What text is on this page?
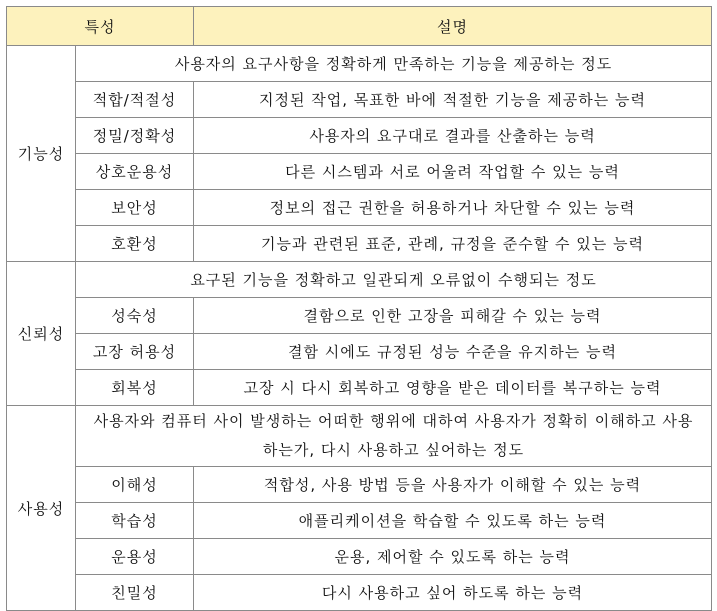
특성		설명
기능성	사용자의 요구사항을 정확하게 만족하는 기능을 제공하는 정도	
	적합/적절성	지정된 작업, 목표한 바에 적절한 기능을 제공하는 능력
	정밀/정확성	사용자의 요구대로 결과를 산출하는 능력
	상호운용성	다른 시스템과 서로 어울려 작업할 수 있는 능력
	보안성	정보의 접근 권한을 허용하거나 차단할 수 있는 능력
	호환성	기능과 관련된 표준, 관례, 규정을 준수할 수 있는 능력
신뢰성	요구된 기능을 정확하고 일관되게 오류없이 수행되는 정도	
	성숙성	결함으로 인한 고장을 피해갈 수 있는 능력
	고장 허용성	결함 시에도 규정된 성능 수준을 유지하는 능력
	회복성	고장 시 다시 회복하고 영향을 받은 데이터를 복구하는 능력
사용성	사용자와 컴퓨터 사이 발생하는 어떠한 행위에 대하여 사용자가 정확히 이해하고 사용하는가, 다시 사용하고 싶어하는 정도	
	이해성	적합성, 사용 방법 등을 사용자가 이해할 수 있는 능력
	학습성	애플리케이션을 학습할 수 있도록 하는 능력
	운용성	운용, 제어할 수 있도록 하는 능력
	친밀성	다시 사용하고 싶어 하도록 하는 능력
